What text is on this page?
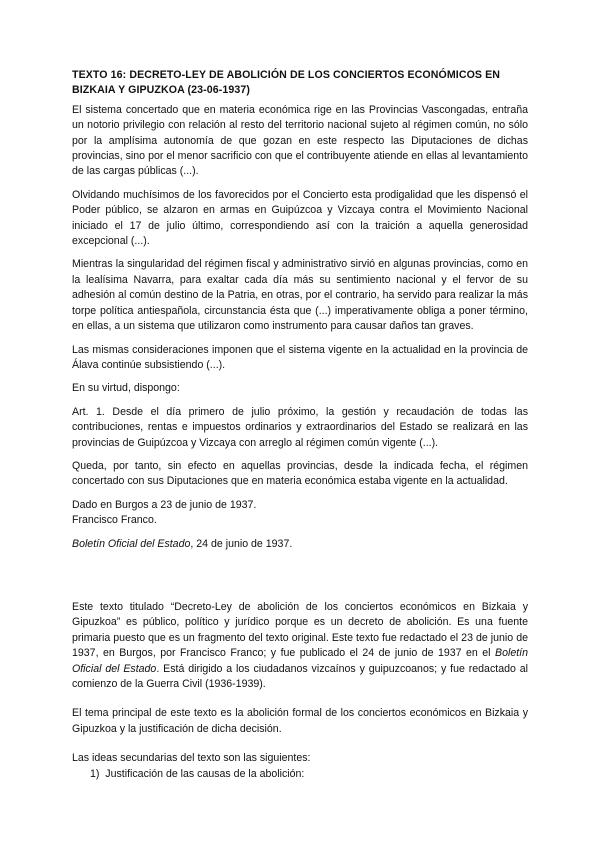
TEXTO 16: DECRETO-LEY DE ABOLICIÓN DE LOS CONCIERTOS ECONÓMICOS EN BIZKAIA Y GIPUZKOA (23-06-1937)

El sistema concertado que en materia económica rige en las Provincias Vascongadas, entraña un notorio privilegio con relación al resto del territorio nacional sujeto al régimen común, no sólo por la amplísima autonomía de que gozan en este respecto las Diputaciones de dichas provincias, sino por el menor sacrificio con que el contribuyente atiende en ellas al levantamiento de las cargas públicas (...).

Olvidando muchísimos de los favorecidos por el Concierto esta prodigalidad que les dispensó el Poder público, se alzaron en armas en Guipúzcoa y Vizcaya contra el Movimiento Nacional iniciado el 17 de julio último, correspondiendo así con la traición a aquella generosidad excepcional (...).

Mientras la singularidad del régimen fiscal y administrativo sirvió en algunas provincias, como en la lealísima Navarra, para exaltar cada día más su sentimiento nacional y el fervor de su adhesión al común destino de la Patria, en otras, por el contrario, ha servido para realizar la más torpe política antiespañola, circunstancia ésta que (...) imperativamente obliga a poner término, en ellas, a un sistema que utilizaron como instrumento para causar daños tan graves.

Las mismas consideraciones imponen que el sistema vigente en la actualidad en la provincia de Álava continúe subsistiendo (...).

En su virtud, dispongo:

Art. 1. Desde el día primero de julio próximo, la gestión y recaudación de todas las contribuciones, rentas e impuestos ordinarios y extraordinarios del Estado se realizará en las provincias de Guipúzcoa y Vizcaya con arreglo al régimen común vigente (...).

Queda, por tanto, sin efecto en aquellas provincias, desde la indicada fecha, el régimen concertado con sus Diputaciones que en materia económica estaba vigente en la actualidad.

Dado en Burgos a 23 de junio de 1937.

Francisco Franco.

Boletín Oficial del Estado, 24 de junio de 1937.

Este texto titulado “Decreto-Ley de abolición de los conciertos económicos en Bizkaia y Gipuzkoa” es público, político y jurídico porque es un decreto de abolición. Es una fuente primaria puesto que es un fragmento del texto original. Este texto fue redactado el 23 de junio de 1937, en Burgos, por Francisco Franco; y fue publicado el 24 de junio de 1937 en el Boletín Oficial del Estado. Está dirigido a los ciudadanos vizcaínos y guipuzcoanos; y fue redactado al comienzo de la Guerra Civil (1936-1939).

El tema principal de este texto es la abolición formal de los conciertos económicos en Bizkaia y Gipuzkoa y la justificación de dicha decisión.

Las ideas secundarias del texto son las siguientes:

1)  Justificación de las causas de la abolición:
